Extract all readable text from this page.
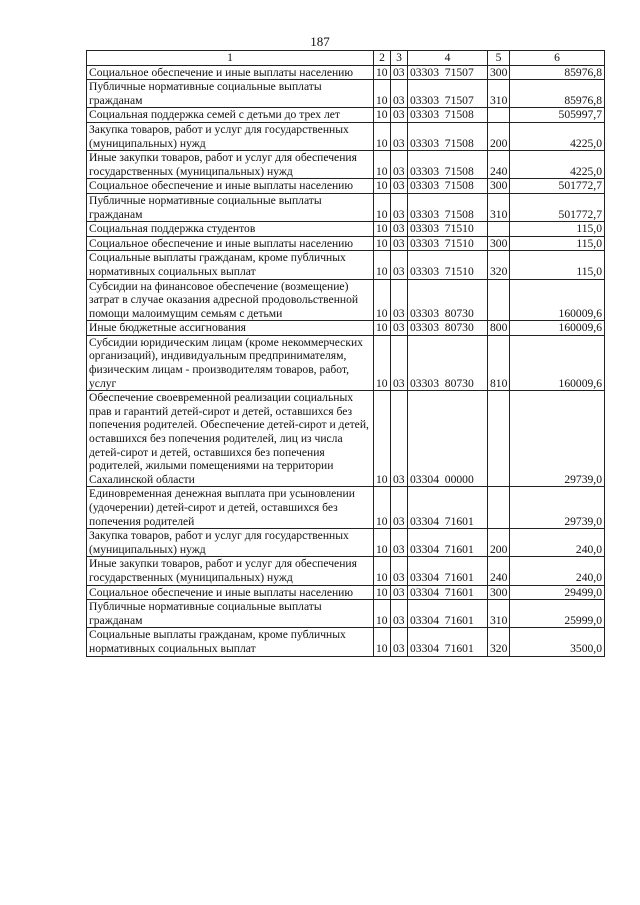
187
1	2	3	4	5	6
Социальное обеспечение и иные выплаты населению	10	03	03303  71507	300	85976,8
Публичные нормативные социальные выплаты гражданам	10	03	03303  71507	310	85976,8
Социальная поддержка семей с детьми до трех лет	10	03	03303  71508		505997,7
Закупка товаров, работ и услуг для государственных (муниципальных) нужд	10	03	03303  71508	200	4225,0
Иные закупки товаров, работ и услуг для обеспечения государственных (муниципальных) нужд	10	03	03303  71508	240	4225,0
Социальное обеспечение и иные выплаты населению	10	03	03303  71508	300	501772,7
Публичные нормативные социальные выплаты гражданам	10	03	03303  71508	310	501772,7
Социальная поддержка студентов	10	03	03303  71510		115,0
Социальное обеспечение и иные выплаты населению	10	03	03303  71510	300	115,0
Социальные выплаты гражданам, кроме публичных нормативных социальных выплат	10	03	03303  71510	320	115,0
Субсидии на финансовое обеспечение (возмещение) затрат в случае оказания адресной продовольственной помощи малоимущим семьям с детьми	10	03	03303  80730		160009,6
Иные бюджетные ассигнования	10	03	03303  80730	800	160009,6
Субсидии юридическим лицам (кроме некоммерческих организаций), индивидуальным предпринимателям, физическим лицам - производителям товаров, работ, услуг	10	03	03303  80730	810	160009,6
Обеспечение своевременной реализации социальных прав и гарантий детей-сирот и детей, оставшихся без попечения родителей. Обеспечение детей-сирот и детей, оставшихся без попечения родителей, лиц из числа детей-сирот и детей, оставшихся без попечения родителей, жилыми помещениями на территории Сахалинской области	10	03	03304  00000		29739,0
Единовременная денежная выплата при усыновлении (удочерении) детей-сирот и детей, оставшихся без попечения родителей	10	03	03304  71601		29739,0
Закупка товаров, работ и услуг для государственных (муниципальных) нужд	10	03	03304  71601	200	240,0
Иные закупки товаров, работ и услуг для обеспечения государственных (муниципальных) нужд	10	03	03304  71601	240	240,0
Социальное обеспечение и иные выплаты населению	10	03	03304  71601	300	29499,0
Публичные нормативные социальные выплаты гражданам	10	03	03304  71601	310	25999,0
Социальные выплаты гражданам, кроме публичных нормативных социальных выплат	10	03	03304  71601	320	3500,0
